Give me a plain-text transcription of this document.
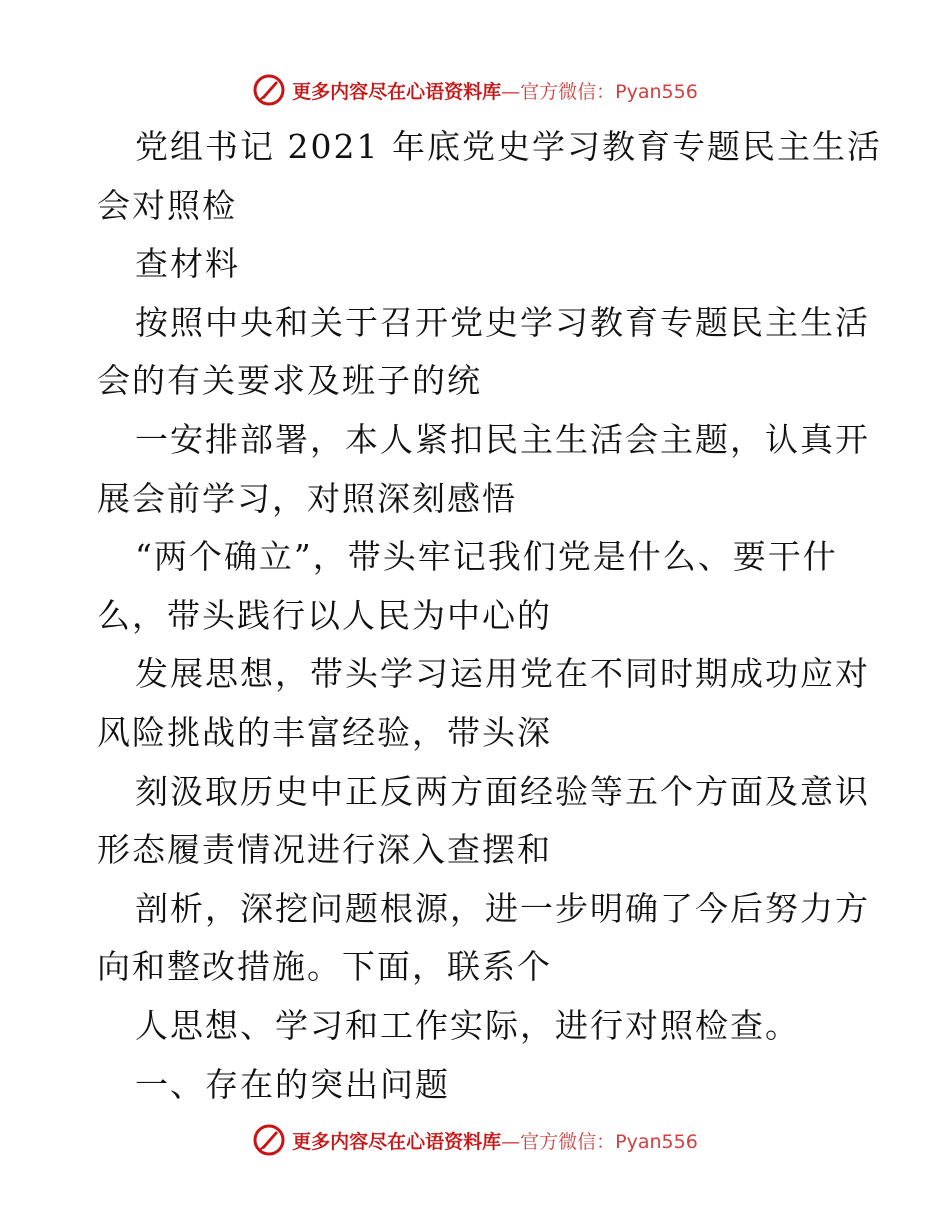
更多内容尽在心语资料库—官方微信：Pyan556
党组书记 2021 年底党史学习教育专题民主生活
会对照检
查材料
按照中央和关于召开党史学习教育专题民主生活
会的有关要求及班子的统
一安排部署，本人紧扣民主生活会主题，认真开
展会前学习，对照深刻感悟
“两个确立”，带头牢记我们党是什么、要干什
么，带头践行以人民为中心的
发展思想，带头学习运用党在不同时期成功应对
风险挑战的丰富经验，带头深
刻汲取历史中正反两方面经验等五个方面及意识
形态履责情况进行深入查摆和
剖析，深挖问题根源，进一步明确了今后努力方
向和整改措施。下面，联系个
人思想、学习和工作实际，进行对照检查。
一、存在的突出问题
更多内容尽在心语资料库—官方微信：Pyan556
